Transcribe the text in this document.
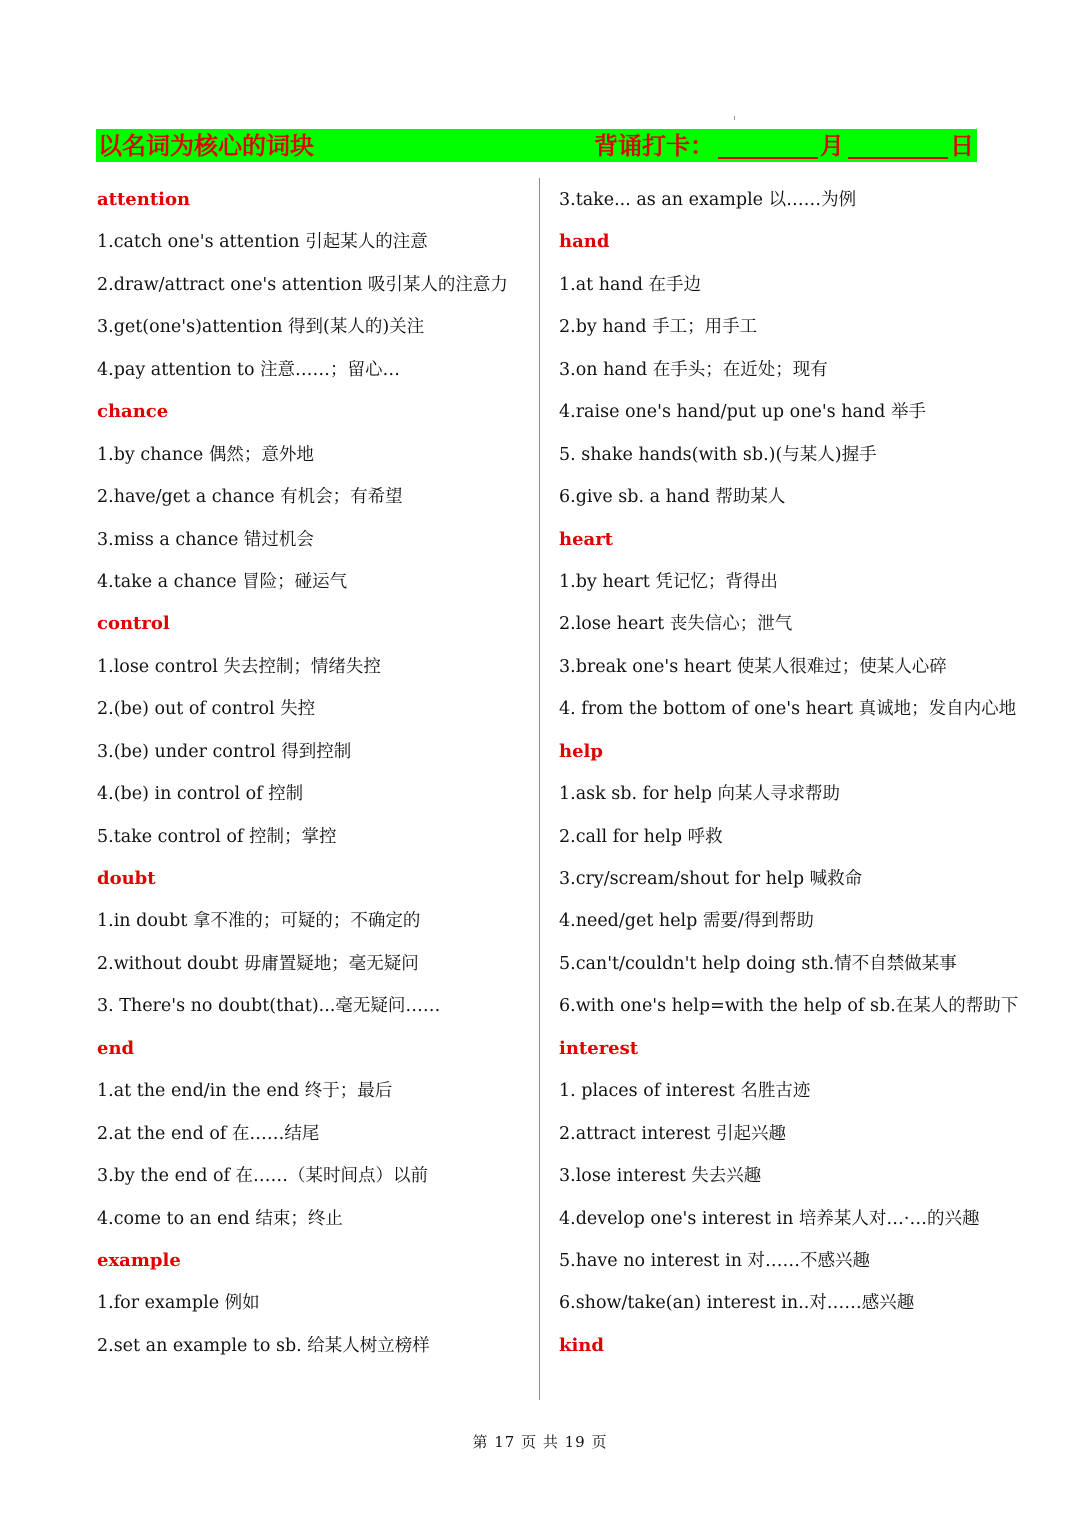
以名词为核心的词块	背诵打卡：	月	日
attention
1.catch one's attention 引起某人的注意
2.draw/attract one's attention 吸引某人的注意力
3.get(one's)attention 得到(某人的)关注
4.pay attention to 注意……；留心…
chance
1.by chance 偶然；意外地
2.have/get a chance 有机会；有希望
3.miss a chance 错过机会
4.take a chance 冒险；碰运气
control
1.lose control 失去控制；情绪失控
2.(be) out of control 失控
3.(be) under control 得到控制
4.(be) in control of 控制
5.take control of 控制；掌控
doubt
1.in doubt 拿不准的；可疑的；不确定的
2.without doubt 毋庸置疑地；毫无疑问
3. There's no doubt(that)...毫无疑问……
end
1.at the end/in the end 终于；最后
2.at the end of 在……结尾
3.by the end of 在……（某时间点）以前
4.come to an end 结束；终止
example
1.for example 例如
2.set an example to sb. 给某人树立榜样
3.take... as an example 以……为例
hand
1.at hand 在手边
2.by hand 手工；用手工
3.on hand 在手头；在近处；现有
4.raise one's hand/put up one's hand 举手
5. shake hands(with sb.)(与某人)握手
6.give sb. a hand 帮助某人
heart
1.by heart 凭记忆；背得出
2.lose heart 丧失信心；泄气
3.break one's heart 使某人很难过；使某人心碎
4. from the bottom of one's heart 真诚地；发自内心地
help
1.ask sb. for help 向某人寻求帮助
2.call for help 呼救
3.cry/scream/shout for help 喊救命
4.need/get help 需要/得到帮助
5.can't/couldn't help doing sth.情不自禁做某事
6.with one's help=with the help of sb.在某人的帮助下
interest
1. places of interest 名胜古迹
2.attract interest 引起兴趣
3.lose interest 失去兴趣
4.develop one's interest in 培养某人对…·…的兴趣
5.have no interest in 对……不感兴趣
6.show/take(an) interest in..对……感兴趣
kind
第 17 页 共 19 页
